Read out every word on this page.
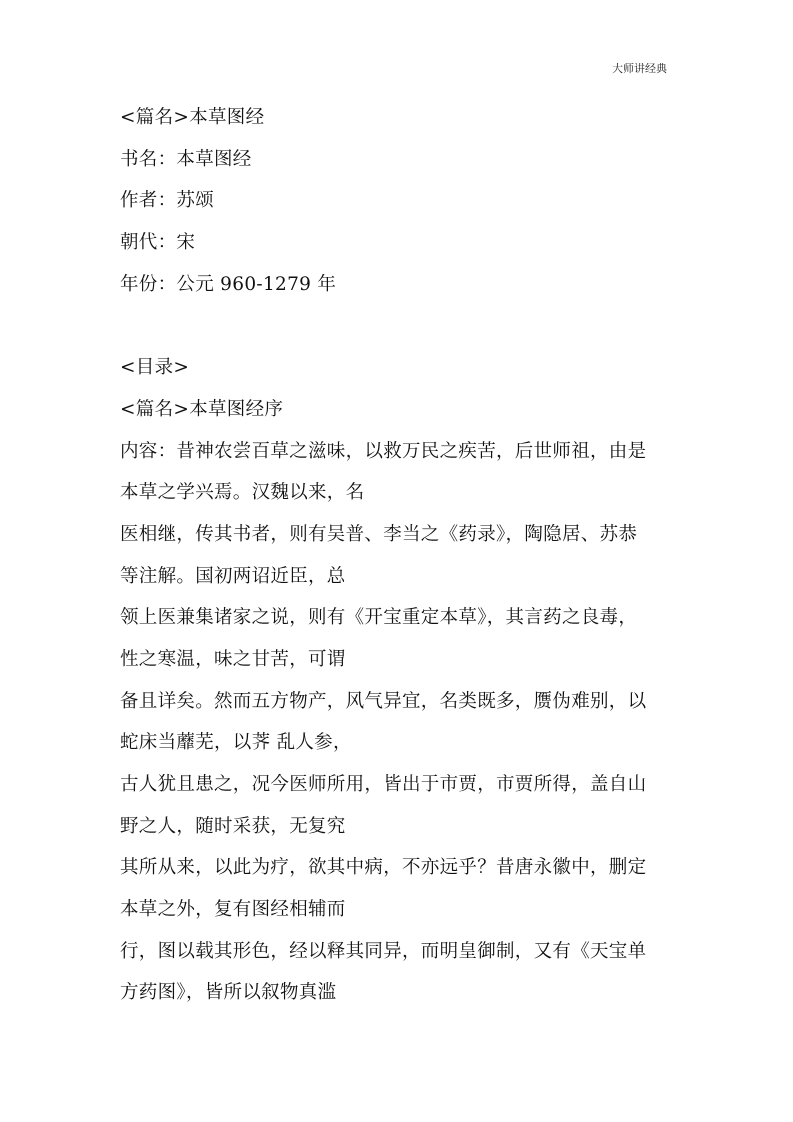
大师讲经典
<篇名>本草图经
书名：本草图经
作者：苏颂
朝代：宋
年份：公元 960-1279 年
<目录>
<篇名>本草图经序
内容：昔神农尝百草之滋味，以救万民之疾苦，后世师祖，由是
本草之学兴焉。汉魏以来，名
医相继，传其书者，则有吴普、李当之《药录》，陶隐居、苏恭
等注解。国初两诏近臣，总
领上医兼集诸家之说，则有《开宝重定本草》，其言药之良毒，
性之寒温，味之甘苦，可谓
备且详矣。然而五方物产，风气异宜，名类既多，赝伪难别，以
蛇床当蘼芜，以荠 乱人参，
古人犹且患之，况今医师所用，皆出于市贾，市贾所得，盖自山
野之人，随时采获，无复究
其所从来，以此为疗，欲其中病，不亦远乎？昔唐永徽中，删定
本草之外，复有图经相辅而
行，图以载其形色，经以释其同异，而明皇御制，又有《天宝单
方药图》，皆所以叙物真滥
